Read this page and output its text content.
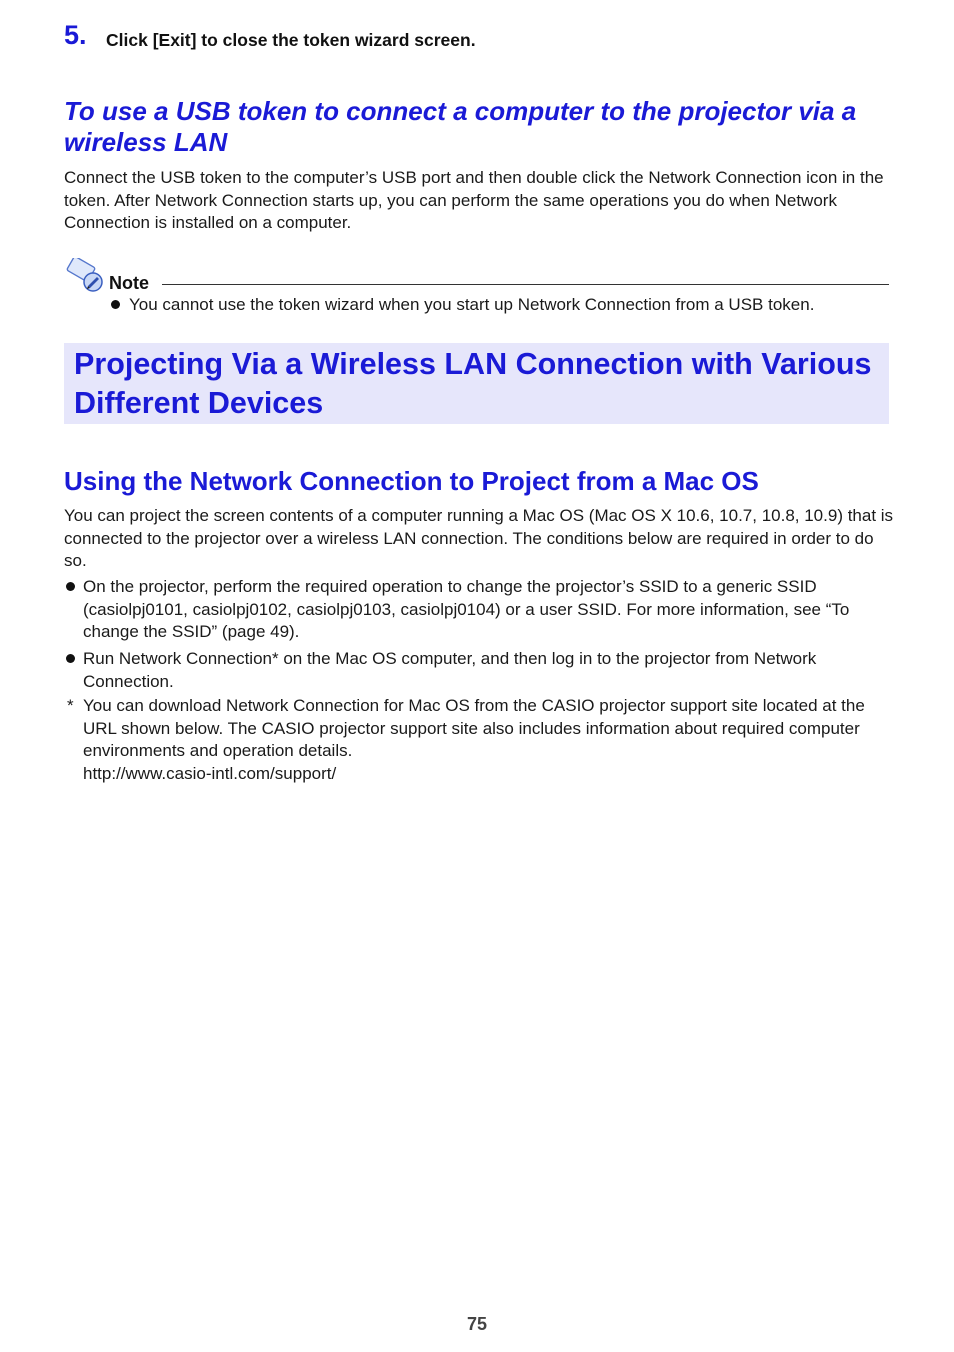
5. Click [Exit] to close the token wizard screen.
To use a USB token to connect a computer to the projector via a wireless LAN
Connect the USB token to the computer’s USB port and then double click the Network Connection icon in the token. After Network Connection starts up, you can perform the same operations you do when Network Connection is installed on a computer.
Note
You cannot use the token wizard when you start up Network Connection from a USB token.
Projecting Via a Wireless LAN Connection with Various Different Devices
Using the Network Connection to Project from a Mac OS
You can project the screen contents of a computer running a Mac OS (Mac OS X 10.6, 10.7, 10.8, 10.9) that is connected to the projector over a wireless LAN connection. The conditions below are required in order to do so.
On the projector, perform the required operation to change the projector’s SSID to a generic SSID (casiolpj0101, casiolpj0102, casiolpj0103, casiolpj0104) or a user SSID. For more information, see “To change the SSID” (page 49).
Run Network Connection* on the Mac OS computer, and then log in to the projector from Network Connection.
* You can download Network Connection for Mac OS from the CASIO projector support site located at the URL shown below. The CASIO projector support site also includes information about required computer environments and operation details.
http://www.casio-intl.com/support/
75
